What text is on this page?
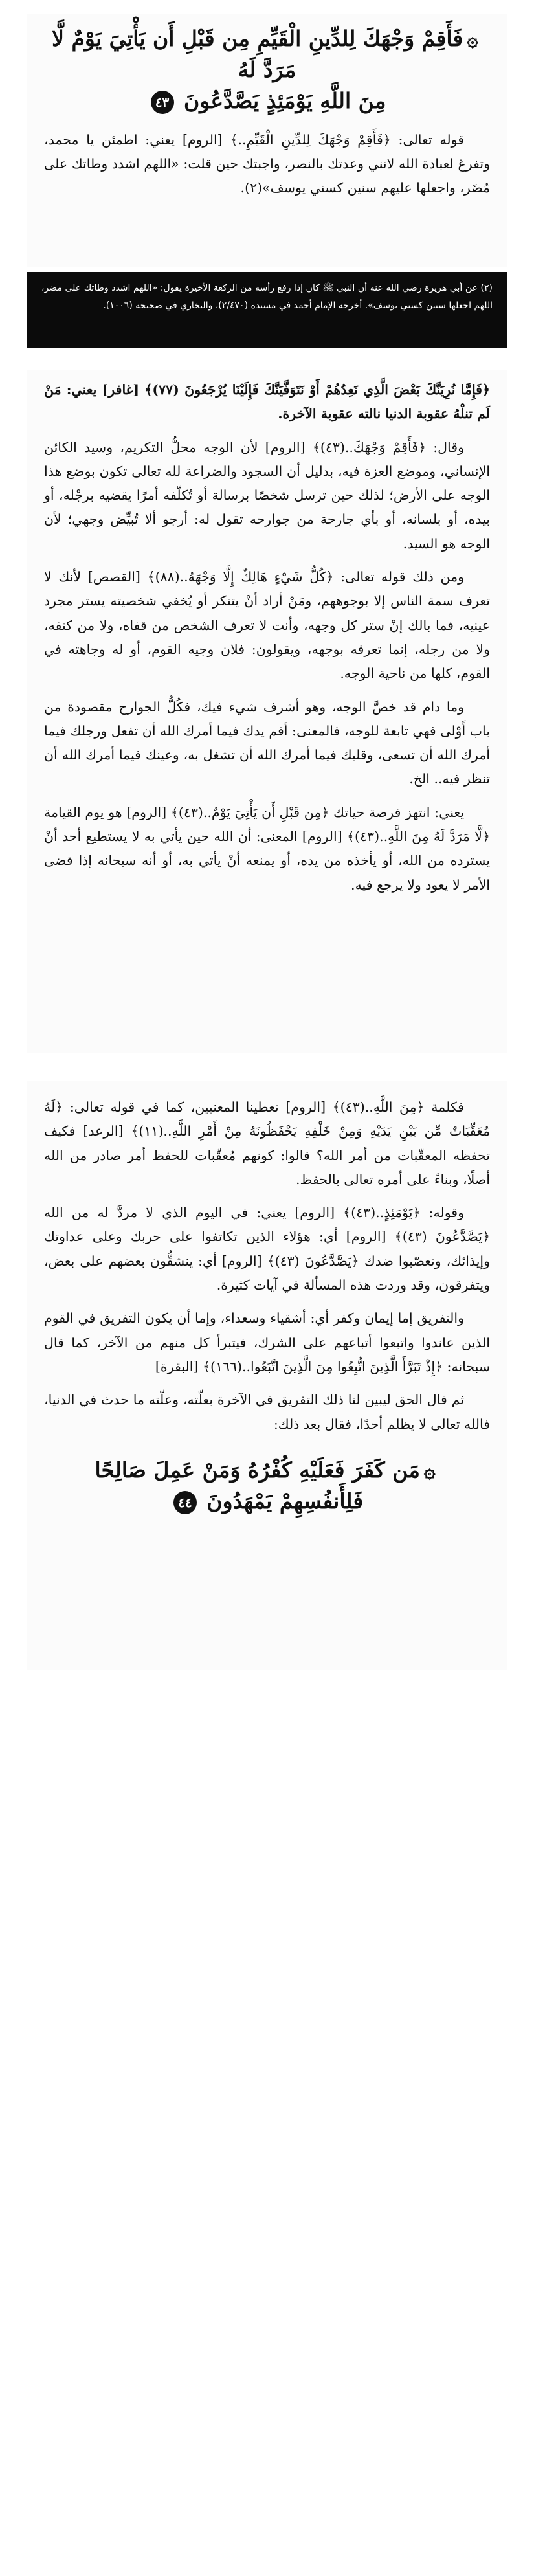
۞فَأَقِمْ وَجْهَكَ لِلدِّينِ الْقَيِّمِ مِن قَبْلِ أَن يَأْتِيَ يَوْمٌ لَّا مَرَدَّ لَهُ
مِنَ اللَّهِ يَوْمَئِذٍ يَصَّدَّعُونَ ٤٣

قوله تعالى: ﴿فَأَقِمْ وَجْهَكَ لِلدِّينِ الْقَيِّمِ..﴾ [الروم] يعني: اطمئن يا محمد، وتفرغ لعبادة الله لانني وعدتك بالنصر، واجبتك حين قلت: «اللهم اشدد وطاتك على مُضَر، واجعلها عليهم سنين كسني يوسف»(٢).

(٢) عن أبي هريرة رضي الله عنه أن النبي ﷺ كان إذا رفع رأسه من الركعة الأخيرة يقول: «اللهم اشدد وطاتك على مضر، اللهم اجعلها سنين كسني يوسف». أخرجه الإمام أحمد في مسنده (٢/٤٧٠)، والبخاري في صحيحه (١٠٠٦).

﴿فَإِمَّا نُرِيَنَّكَ بَعْضَ الَّذِي نَعِدُهُمْ أَوْ نَتَوَفَّيَنَّكَ فَإِلَيْنَا يُرْجَعُونَ (٧٧)﴾ [غافر] يعني: مَنْ لَم تنلْهُ عقوبة الدنيا نالته عقوبة الآخرة.

وقال: ﴿فَأَقِمْ وَجْهَكَ..(٤٣)﴾ [الروم] لأن الوجه محلُّ التكريم، وسيد الكائن الإنساني، وموضع العزة فيه، بدليل أن السجود والضراعة لله تعالى تكون بوضع هذا الوجه على الأرض؛ لذلك حين ترسل شخصًا برسالة أو تُكلّفه أمرًا يقضيه برجْله، أو بيده، أو بلسانه، أو بأي جارحة من جوارحه تقول له: أرجو ألا تُبيِّض وجهي؛ لأن الوجه هو السيد.

ومن ذلك قوله تعالى: ﴿كُلُّ شَيْءٍ هَالِكٌ إِلَّا وَجْهَهُ..(٨٨)﴾ [القصص] لأنك لا تعرف سمة الناس إلا بوجوههم، ومَنْ أراد أنْ يتنكر أو يُخفي شخصيته يستر مجرد عينيه، فما بالك إنْ ستر كل وجهه، وأنت لا تعرف الشخص من قفاه، ولا من كتفه، ولا من رجله، إنما تعرفه بوجهه، ويقولون: فلان وجيه القوم، أو له وجاهته في القوم، كلها من ناحية الوجه.

وما دام قد خصَّ الوجه، وهو أشرف شيء فيك، فكُلُّ الجوارح مقصودة من باب أَوْلى فهي تابعة للوجه، فالمعنى: أقم يدك فيما أمرك الله أن تفعل ورجلك فيما أمرك الله أن تسعى، وقلبك فيما أمرك الله أن تشغل به، وعينك فيما أمرك الله أن تنظر فيه.. الخ.

يعني: انتهز فرصة حياتك ﴿مِن قَبْلِ أَن يَأْتِيَ يَوْمٌ..(٤٣)﴾ [الروم] هو يوم القيامة ﴿لَّا مَرَدَّ لَهُ مِنَ اللَّهِ..(٤٣)﴾ [الروم] المعنى: أن الله حين يأتي به لا يستطيع أحد أنْ يسترده من الله، أو يأخذه من يده، أو يمنعه أنْ يأتي به، أو أنه سبحانه إذا قضى الأمر لا يعود ولا يرجع فيه.

فكلمة ﴿مِنَ اللَّهِ..(٤٣)﴾ [الروم] تعطينا المعنيين، كما في قوله تعالى: ﴿لَهُ مُعَقِّبَاتٌ مِّن بَيْنِ يَدَيْهِ وَمِنْ خَلْفِهِ يَحْفَظُونَهُ مِنْ أَمْرِ اللَّهِ..(١١)﴾ [الرعد] فكيف تحفظه المعقّبات من أمر الله؟ قالوا: كونهم مُعقّبات للحفظ أمر صادر من الله أصلًا، وبناءً على أمره تعالى بالحفظ.

وقوله: ﴿يَوْمَئِذٍ..(٤٣)﴾ [الروم] يعني: في اليوم الذي لا مردَّ له من الله ﴿يَصَّدَّعُونَ (٤٣)﴾ [الروم] أي: هؤلاء الذين تكاتفوا على حربك وعلى عداوتك وإيذائك، وتعصّبوا ضدك ﴿يَصَّدَّعُونَ (٤٣)﴾ [الروم] أي: ينشقُّون بعضهم على بعض، ويتفرقون، وقد وردت هذه المسألة في آيات كثيرة.

والتفريق إما إيمان وكفر أي: أشقياء وسعداء، وإما أن يكون التفريق في القوم الذين عاندوا واتبعوا أتباعهم على الشرك، فيتبرأ كل منهم من الآخر، كما قال سبحانه: ﴿إِذْ تَبَرَّأَ الَّذِينَ اتُّبِعُوا مِنَ الَّذِينَ اتَّبَعُوا..(١٦٦)﴾ [البقرة]

ثم قال الحق ليبين لنا ذلك التفريق في الآخرة بعلّته، وعلّته ما حدث في الدنيا، فالله تعالى لا يظلم أحدًا، فقال بعد ذلك:

۞مَن كَفَرَ فَعَلَيْهِ كُفْرُهُ وَمَنْ عَمِلَ صَالِحًا
فَلِأَنفُسِهِمْ يَمْهَدُونَ ٤٤
